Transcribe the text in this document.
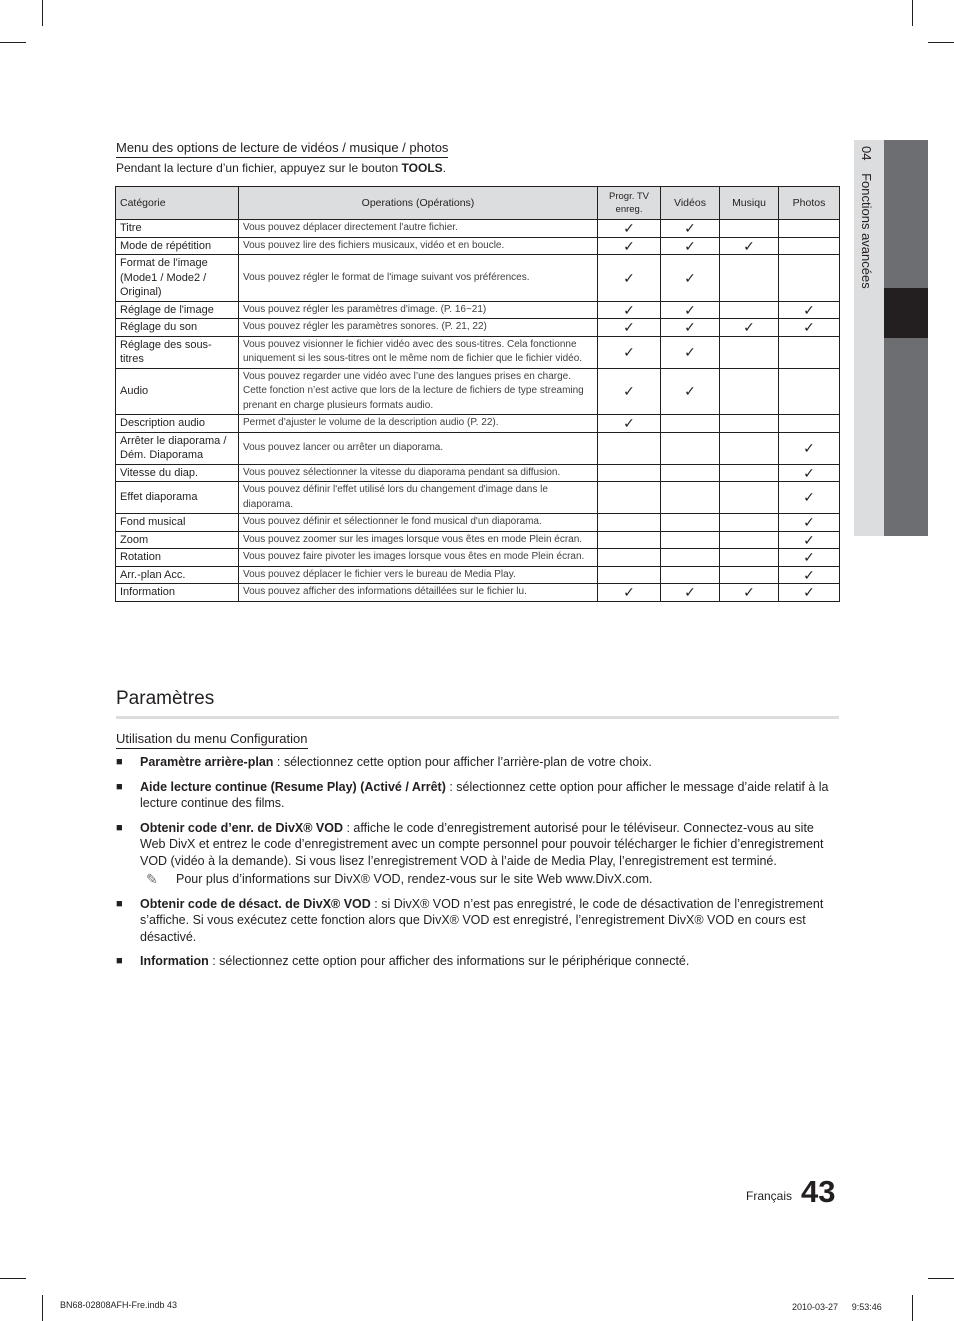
04 Fonctions avancées
Menu des options de lecture de vidéos / musique / photos
Pendant la lecture d’un fichier, appuyez sur le bouton TOOLS.
Catégorie	Operations (Opérations)	Progr. TV enreg.	Vidéos	Musiqu	Photos
Titre	Vous pouvez déplacer directement l'autre fichier.	✓	✓		
Mode de répétition	Vous pouvez lire des fichiers musicaux, vidéo et en boucle.	✓	✓	✓	
Format de l'image (Mode1 / Mode2 / Original)	Vous pouvez régler le format de l'image suivant vos préférences.	✓	✓		
Réglage de l'image	Vous pouvez régler les paramètres d'image. (P. 16~21)	✓	✓		✓
Réglage du son	Vous pouvez régler les paramètres sonores. (P. 21, 22)	✓	✓	✓	✓
Réglage des sous-titres	Vous pouvez visionner le fichier vidéo avec des sous-titres. Cela fonctionne uniquement si les sous-titres ont le même nom de fichier que le fichier vidéo.	✓	✓		
Audio	Vous pouvez regarder une vidéo avec l’une des langues prises en charge. Cette fonction n’est active que lors de la lecture de fichiers de type streaming prenant en charge plusieurs formats audio.	✓	✓		
Description audio	Permet d’ajuster le volume de la description audio (P. 22).	✓			
Arrêter le diaporama / Dém. Diaporama	Vous pouvez lancer ou arrêter un diaporama.				✓
Vitesse du diap.	Vous pouvez sélectionner la vitesse du diaporama pendant sa diffusion.				✓
Effet diaporama	Vous pouvez définir l'effet utilisé lors du changement d'image dans le diaporama.				✓
Fond musical	Vous pouvez définir et sélectionner le fond musical d'un diaporama.				✓
Zoom	Vous pouvez zoomer sur les images lorsque vous êtes en mode Plein écran.				✓
Rotation	Vous pouvez faire pivoter les images lorsque vous êtes en mode Plein écran.				✓
Arr.-plan Acc.	Vous pouvez déplacer le fichier vers le bureau de Media Play.				✓
Information	Vous pouvez afficher des informations détaillées sur le fichier lu.	✓	✓	✓	✓
Paramètres
Utilisation du menu Configuration
■ Paramètre arrière-plan : sélectionnez cette option pour afficher l’arrière-plan de votre choix.
■ Aide lecture continue (Resume Play) (Activé / Arrêt) : sélectionnez cette option pour afficher le message d’aide relatif à la lecture continue des films.
■ Obtenir code d’enr. de DivX® VOD : affiche le code d’enregistrement autorisé pour le téléviseur. Connectez-vous au site Web DivX et entrez le code d’enregistrement avec un compte personnel pour pouvoir télécharger le fichier d’enregistrement VOD (vidéo à la demande). Si vous lisez l’enregistrement VOD à l’aide de Media Play, l’enregistrement est terminé.
✎ Pour plus d’informations sur DivX® VOD, rendez-vous sur le site Web www.DivX.com.
■ Obtenir code de désact. de DivX® VOD : si DivX® VOD n’est pas enregistré, le code de désactivation de l’enregistrement s’affiche. Si vous exécutez cette fonction alors que DivX® VOD est enregistré, l’enregistrement DivX® VOD en cours est désactivé.
■ Information : sélectionnez cette option pour afficher des informations sur le périphérique connecté.
Français 43
BN68-02808AFH-Fre.indb 43	2010-03-27 ᅟ 9:53:46
